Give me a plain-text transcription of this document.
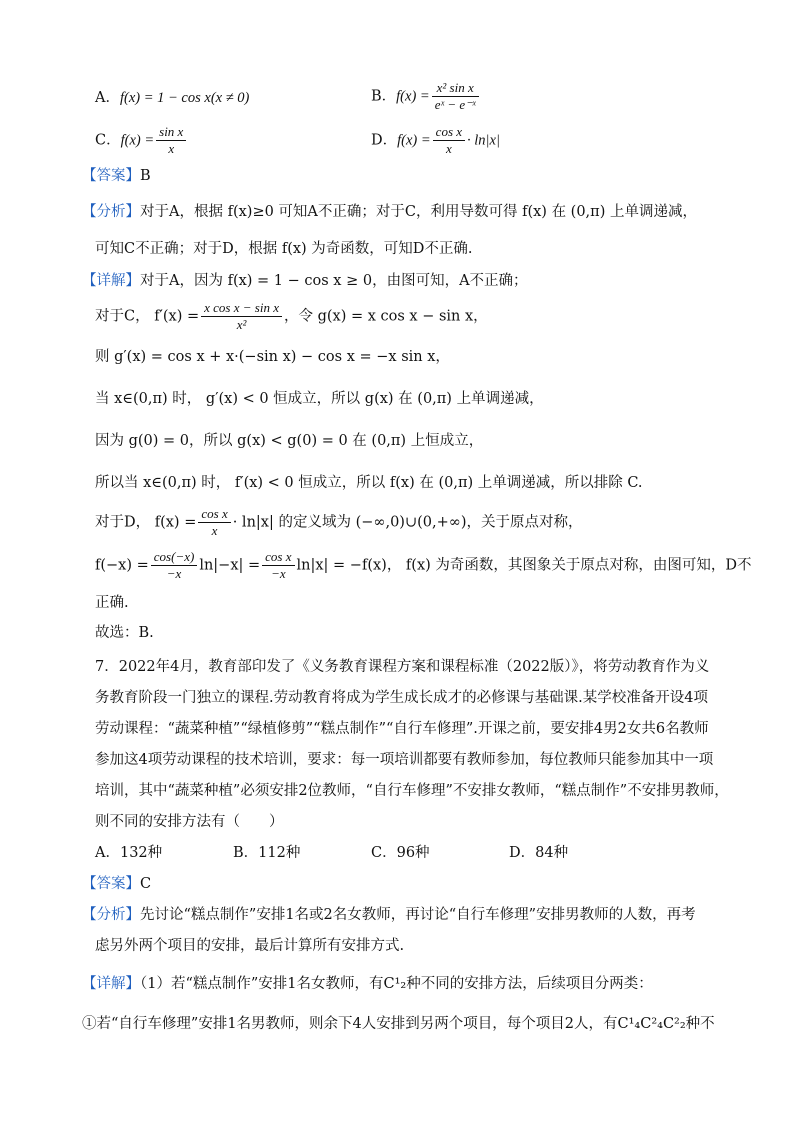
A．f(x) = 1 − cos x(x ≠ 0)	B．$f(x) = \frac{\text{x² sin x}}{\text{eˣ − e⁻ˣ}}$
C．$f(x) = \frac{\text{sin x}}{x}$	D．$f(x) = \frac{\text{cos x}}{x} \cdot \ln|x|$
【答案】B
【分析】对于A，根据 f(x)≥0 可知A不正确；对于C，利用导数可得 f(x) 在 (0,π) 上单调递减，
可知C不正确；对于D，根据 f(x) 为奇函数，可知D不正确.
【详解】对于A，因为 f(x) = 1 − cos x ≥ 0，由图可知，A不正确；
对于C， $f'(x) = \frac{\text{x cos x − sin x}}{\text{x²}}$ ，令 g(x) = x cos x − sin x，
则 g′(x) = cos x + x·(−sin x) − cos x = −x sin x，
当 x∈(0,π) 时， g′(x) < 0 恒成立，所以 g(x) 在 (0,π) 上单调递减，
因为 g(0) = 0，所以 g(x) < g(0) = 0 在 (0,π) 上恒成立，
所以当 x∈(0,π) 时， f′(x) < 0 恒成立，所以 f(x) 在 (0,π) 上单调递减，所以排除 C.
对于D， $f(x) = \frac{\text{cos x}}{x} \cdot \ln|x|$ 的定义域为 (−∞,0)∪(0,+∞)，关于原点对称，
$f(-x) = \frac{\cos(-x)}{-x} \ln|-x| = \frac{\text{cos x}}{-x} \ln|x| = -f(x)$， f(x) 为奇函数，其图象关于原点对称，由图可知，D不
正确.
故选：B.
7．2022年4月，教育部印发了《义务教育课程方案和课程标准（2022版）》，将劳动教育作为义
务教育阶段一门独立的课程.劳动教育将成为学生成长成才的必修课与基础课.某学校准备开设4项
劳动课程：“蔬菜种植”“绿植修剪”“糕点制作”“自行车修理”.开课之前，要安排4男2女共6名教师
参加这4项劳动课程的技术培训，要求：每一项培训都要有教师参加，每位教师只能参加其中一项
培训，其中“蔬菜种植”必须安排2位教师，“自行车修理”不安排女教师，“糕点制作”不安排男教师，
则不同的安排方法有（　　）
A．132种	B．112种	C．96种	D．84种
【答案】C
【分析】先讨论“糕点制作”安排1名或2名女教师，再讨论“自行车修理”安排男教师的人数，再考
虑另外两个项目的安排，最后计算所有安排方式.
【详解】（1）若“糕点制作”安排1名女教师，有C¹₂种不同的安排方法，后续项目分两类：
①若“自行车修理”安排1名男教师，则余下4人安排到另两个项目，每个项目2人，有C¹₄C²₄C²₂种不
